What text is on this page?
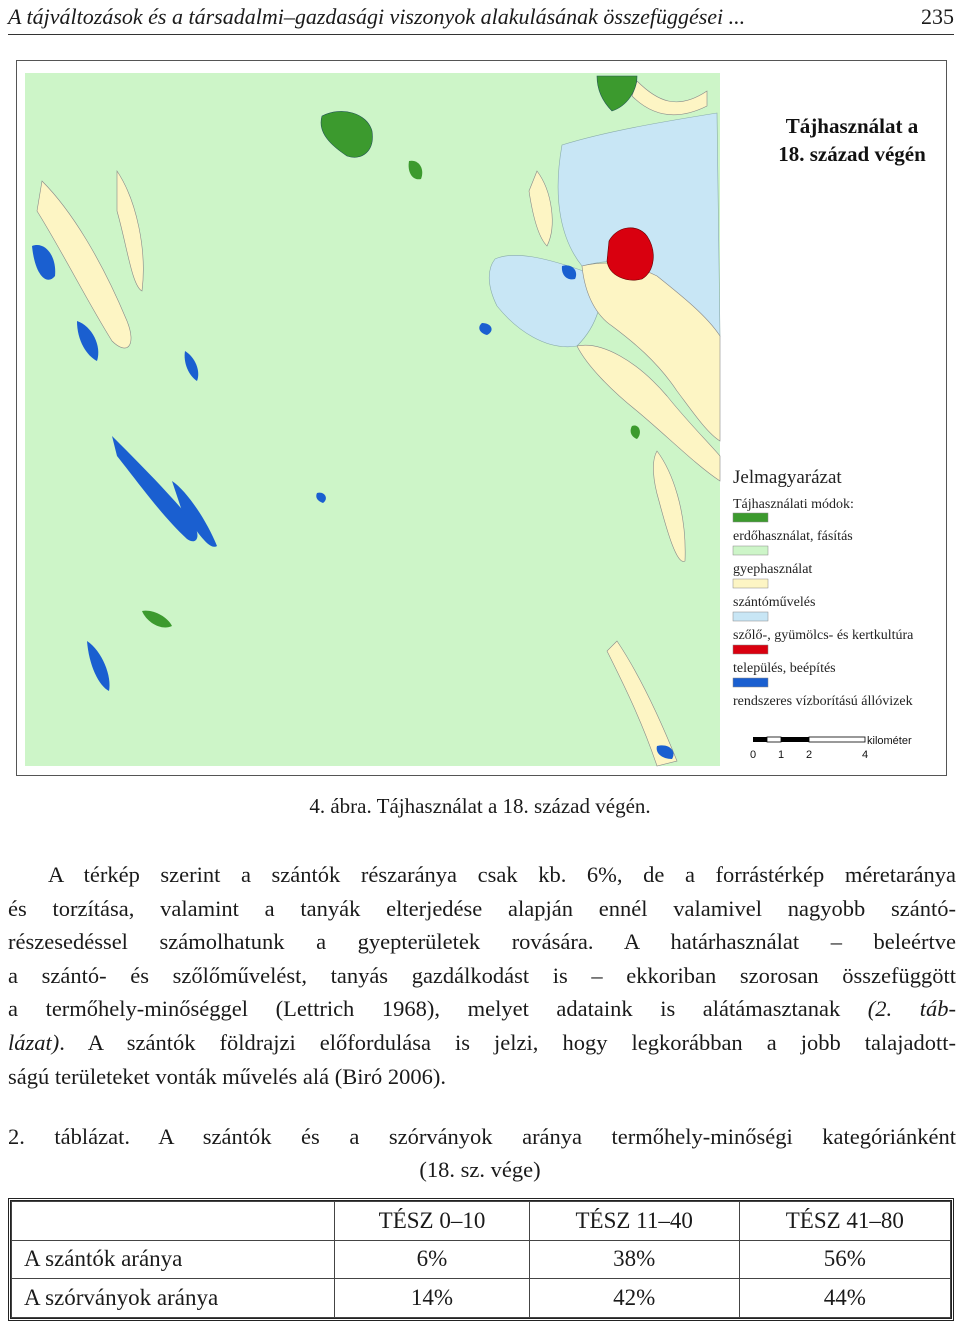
A tájváltozások és a társadalmi–gazdasági viszonyok alakulásának összefüggései ...	235
Tájhasználat a
18. század végén
Jelmagyarázat
Tájhasználati módok:
erdőhasználat, fásítás
gyephasználat
szántóművelés
szőlő-, gyümölcs- és kertkultúra
település, beépítés
rendszeres vízborítású állóvizek
kilométer
0 1 2	4
4. ábra. Tájhasználat a 18. század végén.

A térkép szerint a szántók részaránya csak kb. 6%, de a forrástérkép méretaránya
és torzítása, valamint a tanyák elterjedése alapján ennél valamivel nagyobb szántó-
részesedéssel számolhatunk a gyepterületek rovására. A határhasználat – beleértve
a szántó- és szőlőművelést, tanyás gazdálkodást is – ekkoriban szorosan összefüggött
a termőhely-minőséggel (Lettrich 1968), melyet adataink is alátámasztanak (2. táb-
lázat). A szántók földrajzi előfordulása is jelzi, hogy legkorábban a jobb talajadott-
ságú területeket vonták művelés alá (Biró 2006).

2. táblázat. A szántók és a szórványok aránya termőhely-minőségi kategóriánként
(18. sz. vége)
	TÉSZ 0–10	TÉSZ 11–40	TÉSZ 41–80
A szántók aránya	6%	38%	56%
A szórványok aránya	14%	42%	44%
